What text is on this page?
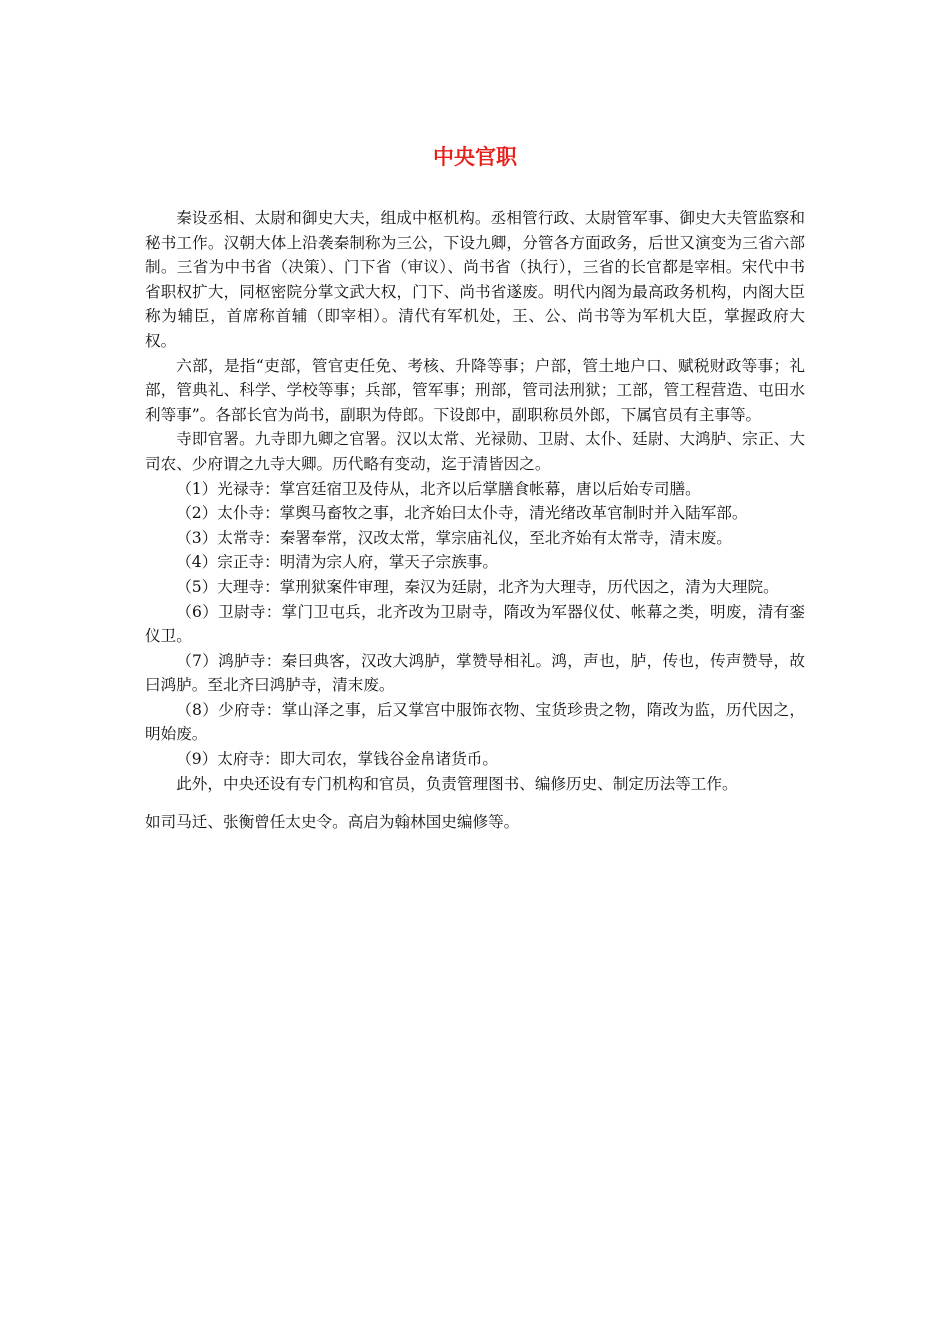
中央官职

秦设丞相、太尉和御史大夫，组成中枢机构。丞相管行政、太尉管军事、御史大夫管监察和秘书工作。汉朝大体上沿袭秦制称为三公，下设九卿，分管各方面政务，后世又演变为三省六部制。三省为中书省（决策）、门下省（审议）、尚书省（执行），三省的长官都是宰相。宋代中书省职权扩大，同枢密院分掌文武大权，门下、尚书省遂废。明代内阁为最高政务机构，内阁大臣称为辅臣，首席称首辅（即宰相）。清代有军机处，王、公、尚书等为军机大臣，掌握政府大权。

六部，是指“吏部，管官吏任免、考核、升降等事；户部，管土地户口、赋税财政等事；礼部，管典礼、科学、学校等事；兵部，管军事；刑部，管司法刑狱；工部，管工程营造、屯田水利等事”。各部长官为尚书，副职为侍郎。下设郎中，副职称员外郎，下属官员有主事等。

寺即官署。九寺即九卿之官署。汉以太常、光禄勋、卫尉、太仆、廷尉、大鸿胪、宗正、大司农、少府谓之九寺大卿。历代略有变动，迄于清皆因之。

（1）光禄寺：掌宫廷宿卫及侍从，北齐以后掌膳食帐幕，唐以后始专司膳。

（2）太仆寺：掌舆马畜牧之事，北齐始曰太仆寺，清光绪改革官制时并入陆军部。

（3）太常寺：秦署奉常，汉改太常，掌宗庙礼仪，至北齐始有太常寺，清末废。

（4）宗正寺：明清为宗人府，掌天子宗族事。

（5）大理寺：掌刑狱案件审理，秦汉为廷尉，北齐为大理寺，历代因之，清为大理院。

（6）卫尉寺：掌门卫屯兵，北齐改为卫尉寺，隋改为军器仪仗、帐幕之类，明废，清有銮仪卫。

（7）鸿胪寺：秦曰典客，汉改大鸿胪，掌赞导相礼。鸿，声也，胪，传也，传声赞导，故曰鸿胪。至北齐曰鸿胪寺，清末废。

（8）少府寺：掌山泽之事，后又掌宫中服饰衣物、宝货珍贵之物，隋改为监，历代因之，明始废。

（9）太府寺：即大司农，掌钱谷金帛诸货币。

此外，中央还设有专门机构和官员，负责管理图书、编修历史、制定历法等工作。

如司马迁、张衡曾任太史令。高启为翰林国史编修等。
